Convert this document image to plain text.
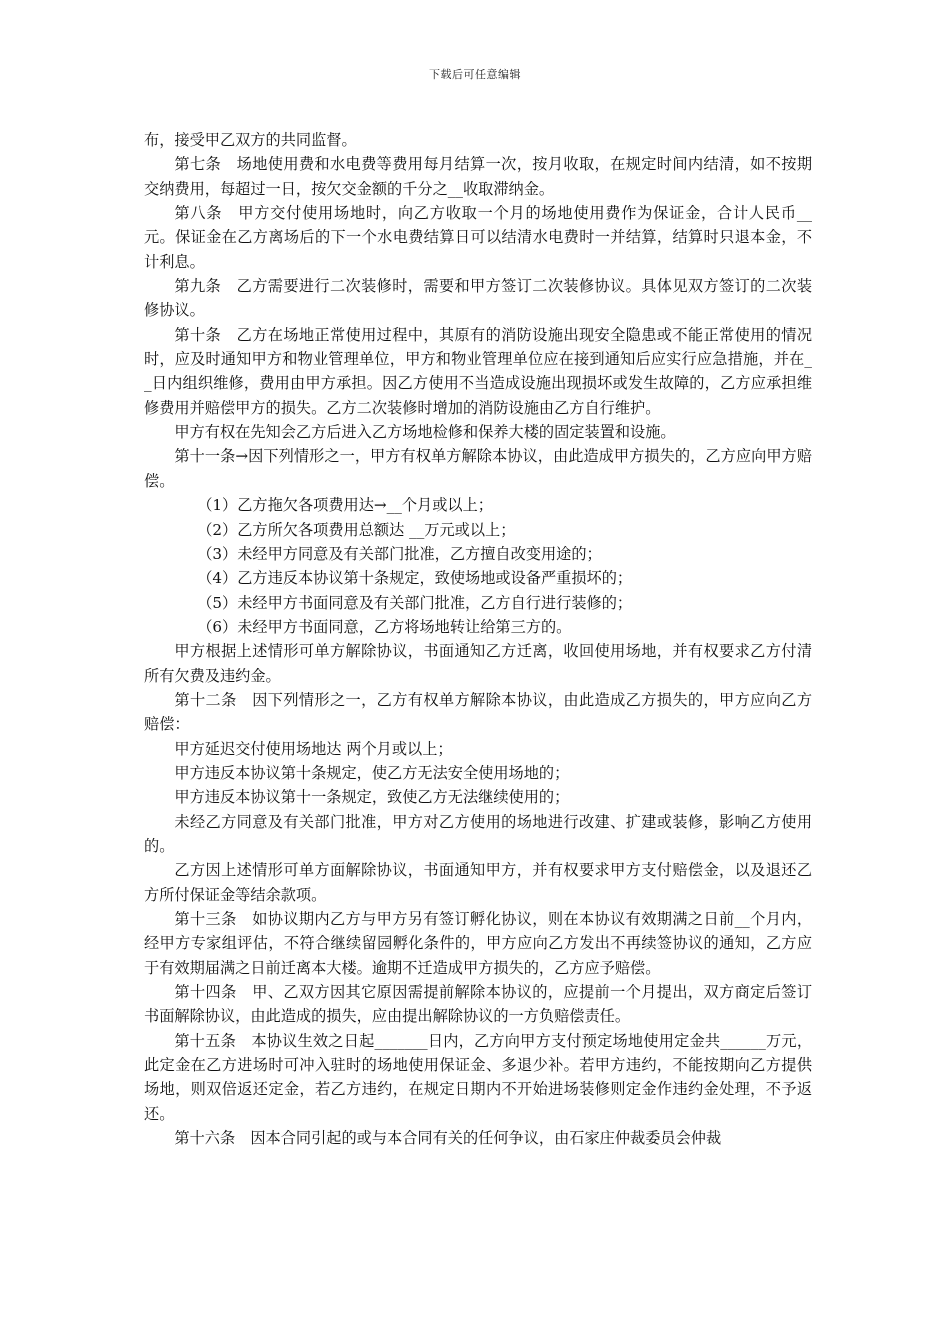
下载后可任意编辑

布，接受甲乙双方的共同监督。

第七条　场地使用费和水电费等费用每月结算一次，按月收取，在规定时间内结清，如不按期交纳费用，每超过一日，按欠交金额的千分之__收取滞纳金。

第八条　甲方交付使用场地时，向乙方收取一个月的场地使用费作为保证金，合计人民币__元。保证金在乙方离场后的下一个水电费结算日可以结清水电费时一并结算，结算时只退本金，不计利息。

第九条　乙方需要进行二次装修时，需要和甲方签订二次装修协议。具体见双方签订的二次装修协议。

第十条　乙方在场地正常使用过程中，其原有的消防设施出现安全隐患或不能正常使用的情况时，应及时通知甲方和物业管理单位，甲方和物业管理单位应在接到通知后应实行应急措施，并在__日内组织维修，费用由甲方承担。因乙方使用不当造成设施出现损坏或发生故障的，乙方应承担维修费用并赔偿甲方的损失。乙方二次装修时增加的消防设施由乙方自行维护。

甲方有权在先知会乙方后进入乙方场地检修和保养大楼的固定装置和设施。

第十一条→因下列情形之一，甲方有权单方解除本协议，由此造成甲方损失的，乙方应向甲方赔偿。

（1）乙方拖欠各项费用达→__个月或以上；

（2）乙方所欠各项费用总额达 __万元或以上；

（3）未经甲方同意及有关部门批准，乙方擅自改变用途的；

（4）乙方违反本协议第十条规定，致使场地或设备严重损坏的；

（5）未经甲方书面同意及有关部门批准，乙方自行进行装修的；

（6）未经甲方书面同意，乙方将场地转让给第三方的。

甲方根据上述情形可单方解除协议，书面通知乙方迁离，收回使用场地，并有权要求乙方付清所有欠费及违约金。

第十二条　因下列情形之一，乙方有权单方解除本协议，由此造成乙方损失的，甲方应向乙方赔偿：

甲方延迟交付使用场地达 两个月或以上；

甲方违反本协议第十条规定，使乙方无法安全使用场地的；

甲方违反本协议第十一条规定，致使乙方无法继续使用的；

未经乙方同意及有关部门批准，甲方对乙方使用的场地进行改建、扩建或装修，影响乙方使用的。

乙方因上述情形可单方面解除协议，书面通知甲方，并有权要求甲方支付赔偿金，以及退还乙方所付保证金等结余款项。

第十三条　如协议期内乙方与甲方另有签订孵化协议，则在本协议有效期满之日前__个月内，经甲方专家组评估，不符合继续留园孵化条件的，甲方应向乙方发出不再续签协议的通知，乙方应于有效期届满之日前迁离本大楼。逾期不迁造成甲方损失的，乙方应予赔偿。

第十四条　甲、乙双方因其它原因需提前解除本协议的，应提前一个月提出，双方商定后签订书面解除协议，由此造成的损失，应由提出解除协议的一方负赔偿责任。

第十五条　本协议生效之日起_______日内，乙方向甲方支付预定场地使用定金共______万元，此定金在乙方进场时可冲入驻时的场地使用保证金、多退少补。若甲方违约，不能按期向乙方提供场地，则双倍返还定金，若乙方违约，在规定日期内不开始进场装修则定金作违约金处理，不予返还。

第十六条　因本合同引起的或与本合同有关的任何争议，由石家庄仲裁委员会仲裁
